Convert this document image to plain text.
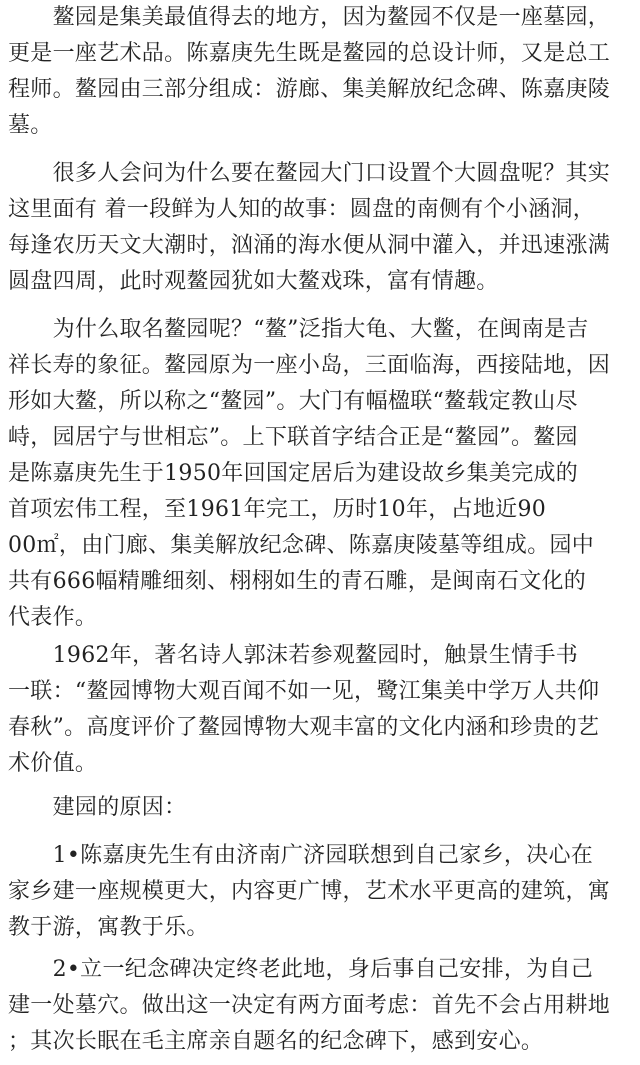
　　鳌园是集美最值得去的地方，因为鳌园不仅是一座墓园，
更是一座艺术品。陈嘉庚先生既是鳌园的总设计师，又是总工
程师。鳌园由三部分组成：游廊、集美解放纪念碑、陈嘉庚陵
墓。
　　很多人会问为什么要在鳌园大门口设置个大圆盘呢？其实
这里面有 着一段鲜为人知的故事：圆盘的南侧有个小涵洞，
每逢农历天文大潮时，汹涌的海水便从洞中灌入，并迅速涨满
圆盘四周，此时观鳌园犹如大鳌戏珠，富有情趣。
　　为什么取名鳌园呢？“鳌”泛指大龟、大鳖，在闽南是吉
祥长寿的象征。鳌园原为一座小岛，三面临海，西接陆地，因
形如大鳌，所以称之“鳌园”。大门有幅楹联“鳌载定教山尽
峙，园居宁与世相忘”。上下联首字结合正是“鳌园”。鳌园
是陈嘉庚先生于1950年回国定居后为建设故乡集美完成的
首项宏伟工程，至1961年完工，历时10年，占地近90
00㎡，由门廊、集美解放纪念碑、陈嘉庚陵墓等组成。园中
共有666幅精雕细刻、栩栩如生的青石雕，是闽南石文化的
代表作。
　　1962年，著名诗人郭沫若参观鳌园时，触景生情手书
一联：“鳌园博物大观百闻不如一见，鹭江集美中学万人共仰
春秋”。高度评价了鳌园博物大观丰富的文化内涵和珍贵的艺
术价值。
　　建园的原因：
　　1•陈嘉庚先生有由济南广济园联想到自己家乡，决心在
家乡建一座规模更大，内容更广博，艺术水平更高的建筑，寓
教于游，寓教于乐。
　　2•立一纪念碑决定终老此地，身后事自己安排，为自己
建一处墓穴。做出这一决定有两方面考虑：首先不会占用耕地
；其次长眠在毛主席亲自题名的纪念碑下，感到安心。
